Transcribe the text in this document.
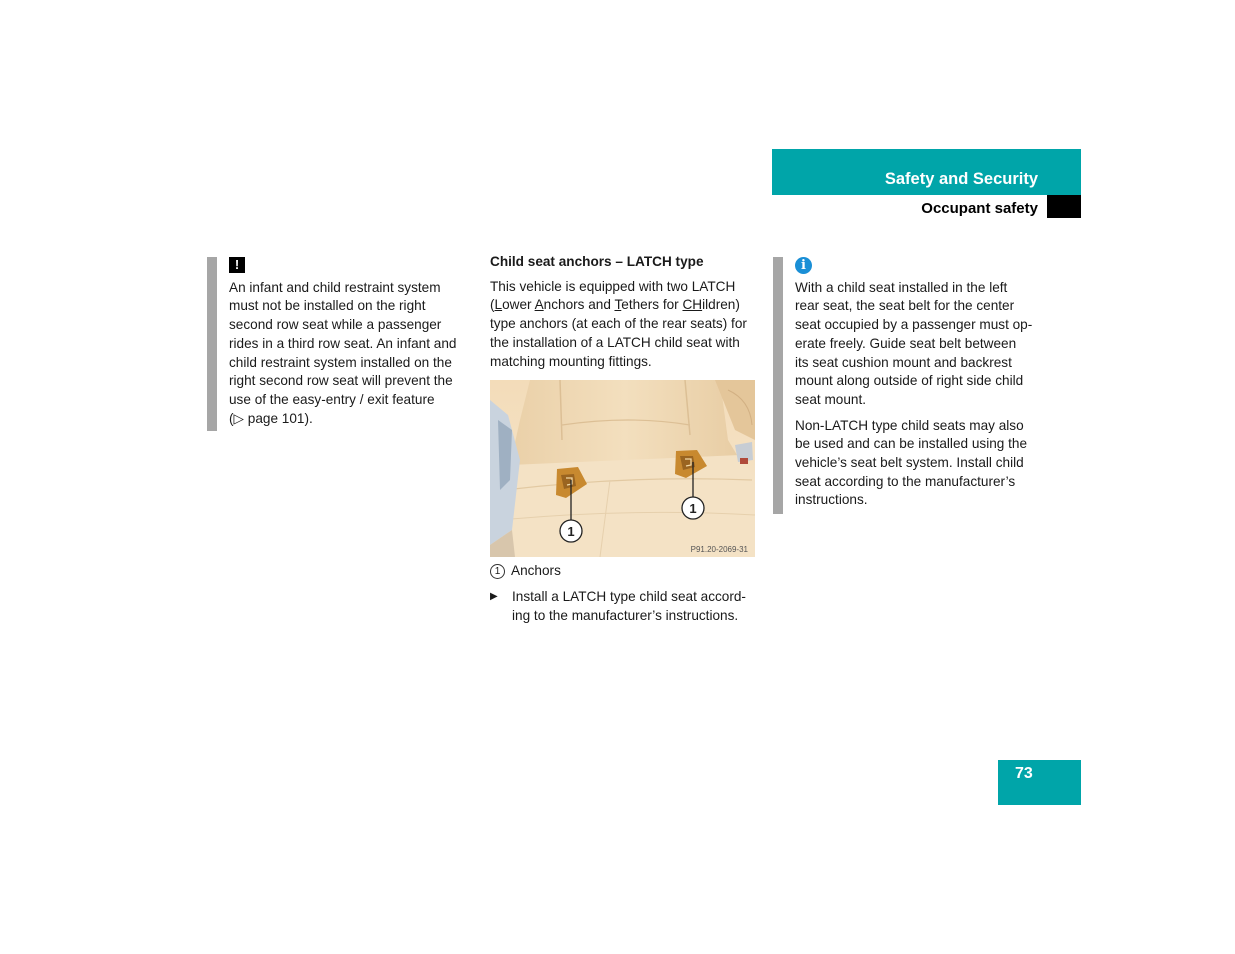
Safety and Security
Occupant safety

!

An infant and child restraint system
must not be installed on the right
second row seat while a passenger
rides in a third row seat. An infant and
child restraint system installed on the
right second row seat will prevent the
use of the easy-entry / exit feature
(▷ page 101).

Child seat anchors – LATCH type

This vehicle is equipped with two LATCH
(Lower Anchors and Tethers for CHildren)
type anchors (at each of the rear seats) for
the installation of a LATCH child seat with
matching mounting fittings.

1
1
P91.20-2069-31

1 Anchors

▶ Install a LATCH type child seat accord-
ing to the manufacturer’s instructions.

i

With a child seat installed in the left
rear seat, the seat belt for the center
seat occupied by a passenger must op-
erate freely. Guide seat belt between
its seat cushion mount and backrest
mount along outside of right side child
seat mount.

Non-LATCH type child seats may also
be used and can be installed using the
vehicle’s seat belt system. Install child
seat according to the manufacturer’s
instructions.

73
